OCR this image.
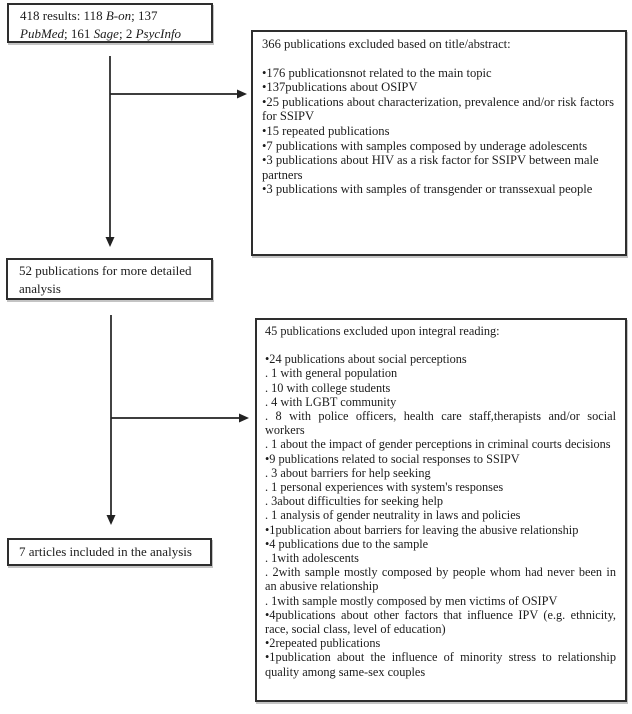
418 results: 118 B-on; 137 PubMed; 161 Sage; 2 PsycInfo
366 publications excluded based on title/abstract:
•176 publicationsnot related to the main topic
•137publications about OSIPV
•25 publications about characterization, prevalence and/or risk factors for SSIPV
•15 repeated publications
•7 publications with samples composed by underage adolescents
•3 publications about HIV as a risk factor for SSIPV between male partners
•3 publications with samples of transgender or transsexual people
52 publications for more detailed analysis
45 publications excluded upon integral reading:
•24 publications about social perceptions
. 1 with general population
. 10 with college students
. 4 with LGBT community
. 8 with police officers, health care staff,therapists and/or social workers
. 1 about the impact of gender perceptions in criminal courts decisions
•9 publications related to social responses to SSIPV
. 3 about barriers for help seeking
. 1 personal experiences with system's responses
. 3about difficulties for seeking help
. 1 analysis of gender neutrality in laws and policies
•1publication about barriers for leaving the abusive relationship
•4 publications due to the sample
. 1with adolescents
. 2with sample mostly composed by people whom had never been in an abusive relationship
. 1with sample mostly composed by men victims of OSIPV
•4publications about other factors that influence IPV (e.g. ethnicity, race, social class, level of education)
•2repeated publications
•1publication about the influence of minority stress to relationship quality among same-sex couples
7 articles included in the analysis
